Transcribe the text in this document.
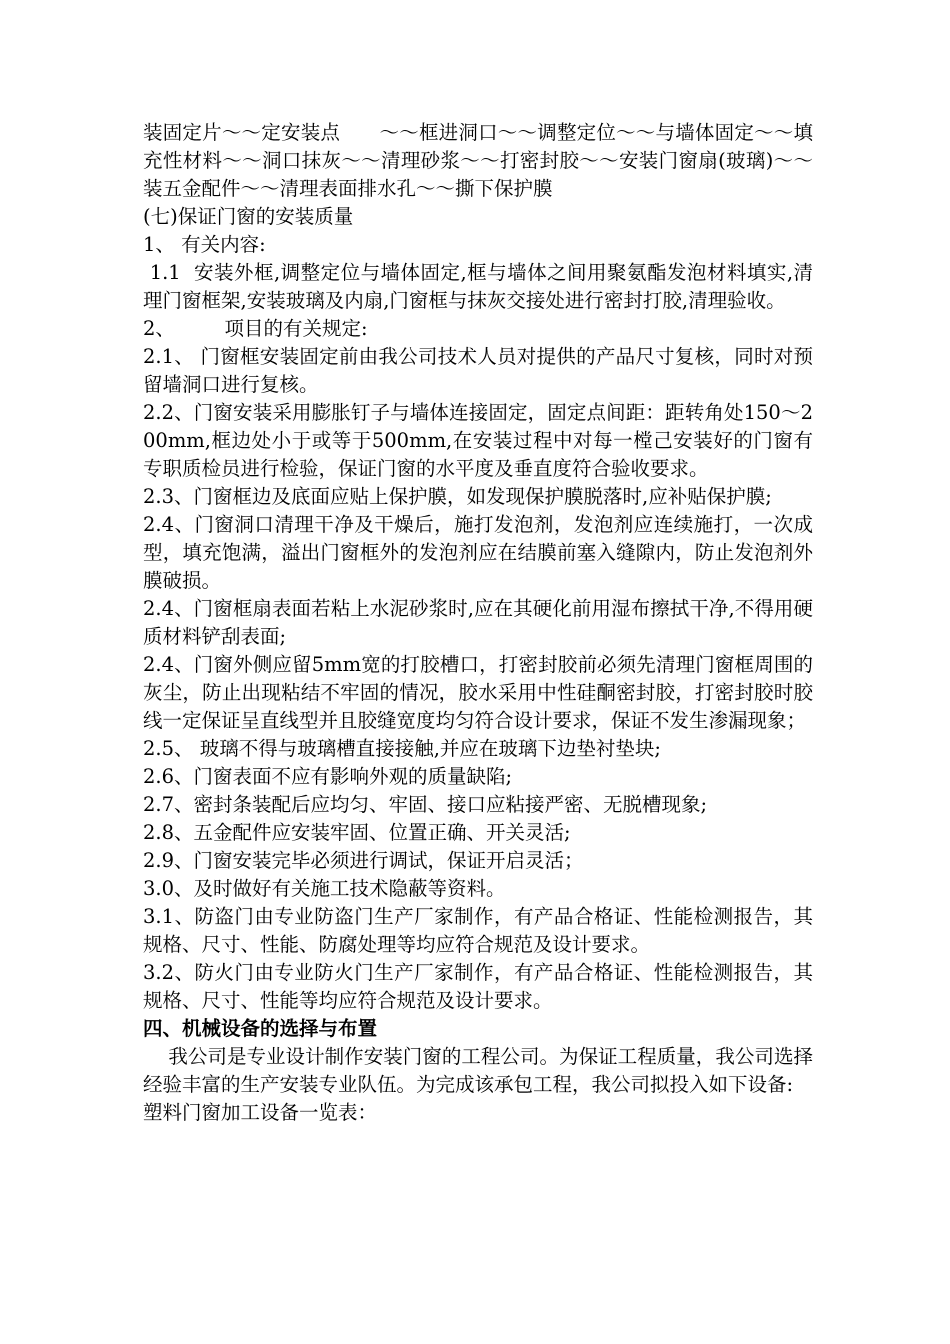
装固定片～～定安装点　　～～框进洞口～～调整定位～～与墙体固定～～填充性材料～～洞口抹灰～～清理砂浆～～打密封胶～～安装门窗扇(玻璃)～～装五金配件～～清理表面排水孔～～撕下保护膜

(七)保证门窗的安装质量

1、 有关内容:

1.1  安装外框,调整定位与墙体固定,框与墙体之间用聚氨酯发泡材料填实,清理门窗框架,安装玻璃及内扇,门窗框与抹灰交接处进行密封打胶,清理验收。

2、        项目的有关规定:

2.1、 门窗框安装固定前由我公司技术人员对提供的产品尺寸复核，同时对预留墙洞口进行复核。

2.2、门窗安装采用膨胀钉子与墙体连接固定，固定点间距：距转角处150～200mm,框边处小于或等于500mm,在安装过程中对每一樘己安装好的门窗有专职质检员进行检验，保证门窗的水平度及垂直度符合验收要求。

2.3、门窗框边及底面应贴上保护膜，如发现保护膜脱落时,应补贴保护膜;

2.4、门窗洞口清理干净及干燥后，施打发泡剂，发泡剂应连续施打，一次成型，填充饱满，溢出门窗框外的发泡剂应在结膜前塞入缝隙内，防止发泡剂外膜破损。

2.4、门窗框扇表面若粘上水泥砂浆时,应在其硬化前用湿布擦拭干净,不得用硬质材料铲刮表面;

2.4、门窗外侧应留5mm宽的打胶槽口，打密封胶前必须先清理门窗框周围的灰尘，防止出现粘结不牢固的情况，胶水采用中性硅酮密封胶，打密封胶时胶线一定保证呈直线型并且胶缝宽度均匀符合设计要求，保证不发生渗漏现象；

2.5、 玻璃不得与玻璃槽直接接触,并应在玻璃下边垫衬垫块;

2.6、门窗表面不应有影响外观的质量缺陷;

2.7、密封条装配后应均匀、牢固、接口应粘接严密、无脱槽现象;

2.8、五金配件应安装牢固、位置正确、开关灵活;

2.9、门窗安装完毕必须进行调试，保证开启灵活；

3.0、及时做好有关施工技术隐蔽等资料。

3.1、防盗门由专业防盗门生产厂家制作，有产品合格证、性能检测报告，其规格、尺寸、性能、防腐处理等均应符合规范及设计要求。

3.2、防火门由专业防火门生产厂家制作，有产品合格证、性能检测报告，其规格、尺寸、性能等均应符合规范及设计要求。

四、机械设备的选择与布置

我公司是专业设计制作安装门窗的工程公司。为保证工程质量，我公司选择经验丰富的生产安装专业队伍。为完成该承包工程，我公司拟投入如下设备:

塑料门窗加工设备一览表：
